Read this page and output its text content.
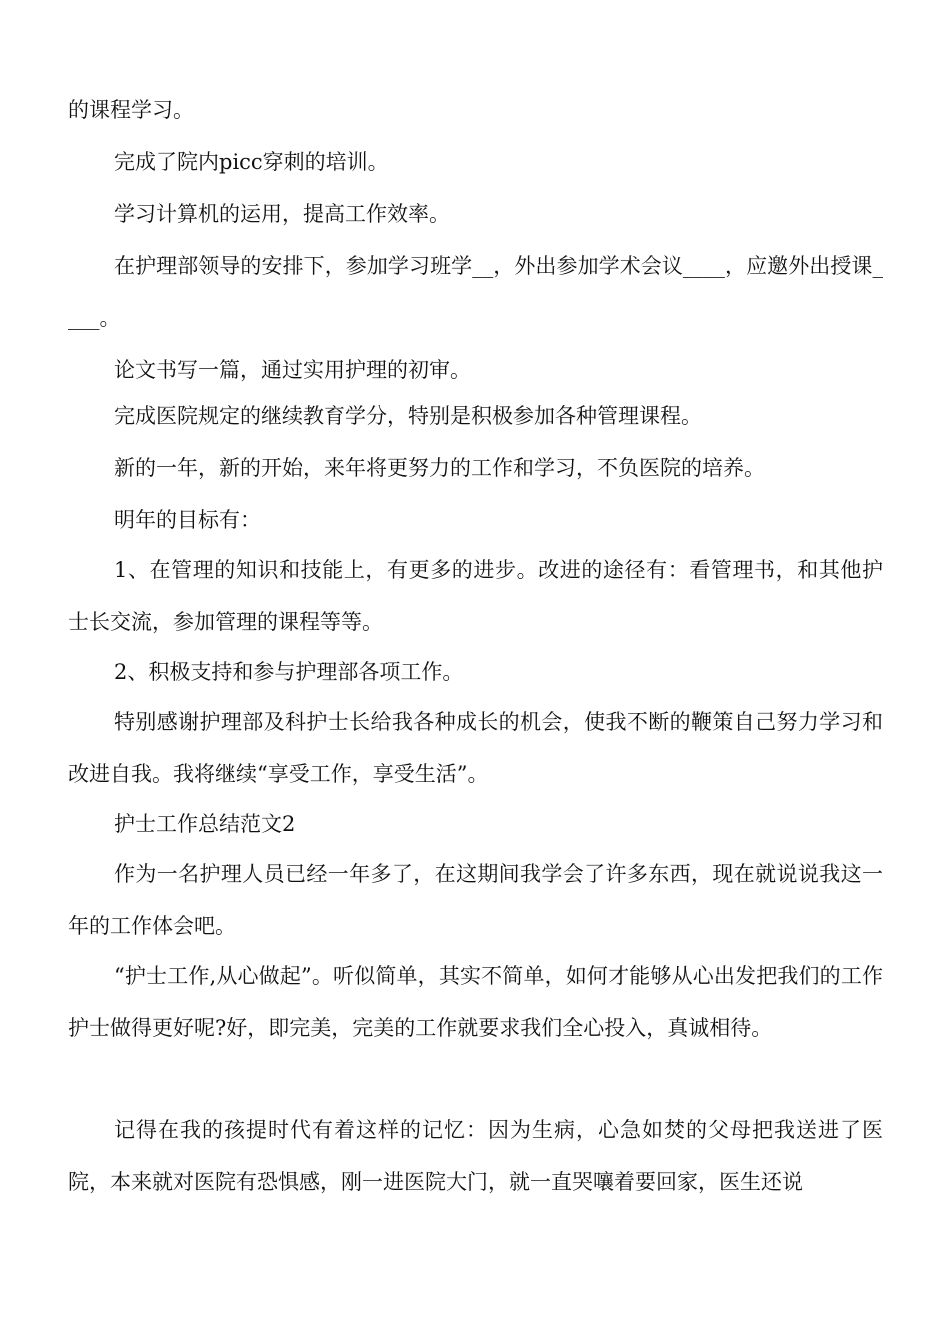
的课程学习。

完成了院内picc穿刺的培训。

学习计算机的运用，提高工作效率。

在护理部领导的安排下，参加学习班学__，外出参加学术会议____，应邀外出授课____。

论文书写一篇，通过实用护理的初审。

完成医院规定的继续教育学分，特别是积极参加各种管理课程。

新的一年，新的开始，来年将更努力的工作和学习，不负医院的培养。

明年的目标有：

1、在管理的知识和技能上，有更多的进步。改进的途径有：看管理书，和其他护士长交流，参加管理的课程等等。

2、积极支持和参与护理部各项工作。

特别感谢护理部及科护士长给我各种成长的机会，使我不断的鞭策自己努力学习和改进自我。我将继续“享受工作，享受生活”。

护士工作总结范文2

作为一名护理人员已经一年多了，在这期间我学会了许多东西，现在就说说我这一年的工作体会吧。

“护士工作,从心做起”。听似简单，其实不简单，如何才能够从心出发把我们的工作护士做得更好呢?好，即完美，完美的工作就要求我们全心投入，真诚相待。

记得在我的孩提时代有着这样的记忆：因为生病，心急如焚的父母把我送进了医院，本来就对医院有恐惧感，刚一进医院大门，就一直哭嚷着要回家，医生还说
